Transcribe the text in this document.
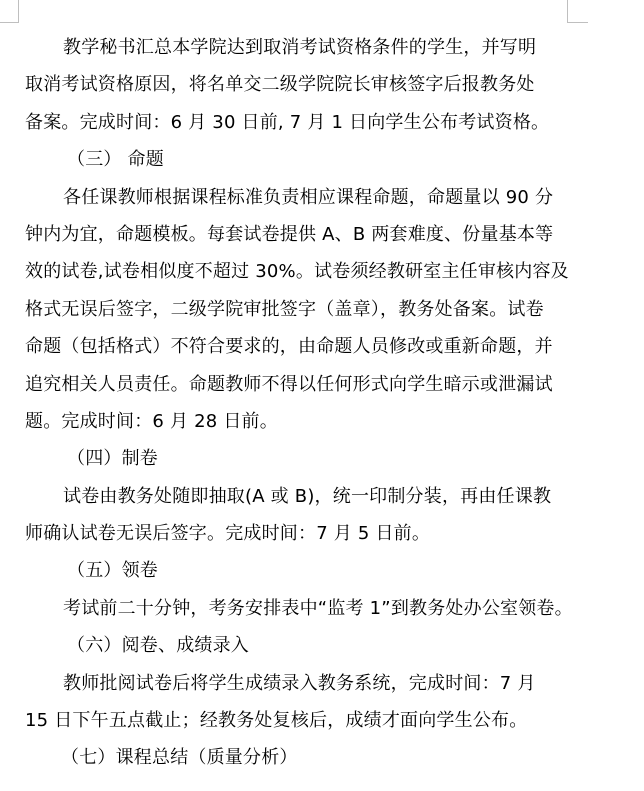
教学秘书汇总本学院达到取消考试资格条件的学生，并写明
取消考试资格原因，将名单交二级学院院长审核签字后报教务处
备案。完成时间：6 月 30 日前, 7 月 1 日向学生公布考试资格。
（三） 命题
各任课教师根据课程标准负责相应课程命题，命题量以 90 分
钟内为宜，命题模板。每套试卷提供 A、B 两套难度、份量基本等
效的试卷,试卷相似度不超过 30%。试卷须经教研室主任审核内容及
格式无误后签字，二级学院审批签字（盖章），教务处备案。试卷
命题（包括格式）不符合要求的，由命题人员修改或重新命题，并
追究相关人员责任。命题教师不得以任何形式向学生暗示或泄漏试
题。完成时间：6 月 28 日前。
（四）制卷
试卷由教务处随即抽取(A 或 B)，统一印制分装，再由任课教
师确认试卷无误后签字。完成时间：7 月 5 日前。
（五）领卷
考试前二十分钟，考务安排表中“监考 1”到教务处办公室领卷。
（六）阅卷、成绩录入
教师批阅试卷后将学生成绩录入教务系统，完成时间：7 月
15 日下午五点截止；经教务处复核后，成绩才面向学生公布。
（七）课程总结（质量分析）
